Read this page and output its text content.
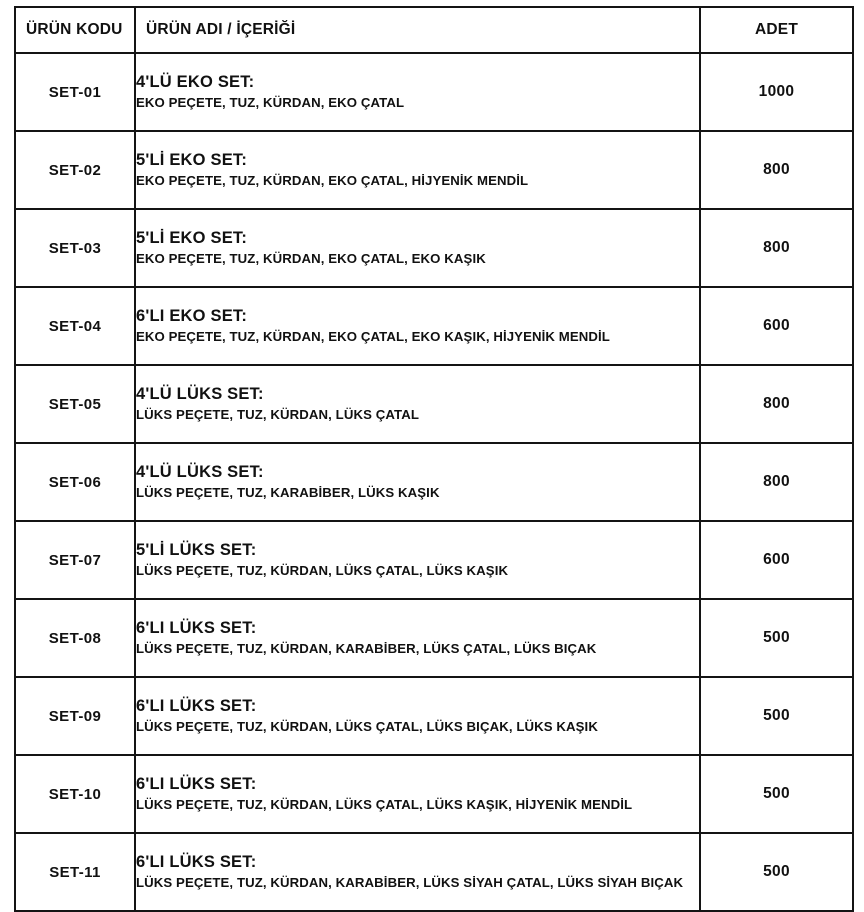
ÜRÜN KODU	ÜRÜN ADI / İÇERİĞİ	ADET

SET-01	4'LÜ EKO SET:
EKO PEÇETE, TUZ, KÜRDAN, EKO ÇATAL	1000

SET-02	5'Lİ EKO SET:
EKO PEÇETE, TUZ, KÜRDAN, EKO ÇATAL, HİJYENİK MENDİL	800

SET-03	5'Lİ EKO SET:
EKO PEÇETE, TUZ, KÜRDAN, EKO ÇATAL, EKO KAŞIK	800

SET-04	6'LI EKO SET:
EKO PEÇETE, TUZ, KÜRDAN, EKO ÇATAL, EKO KAŞIK, HİJYENİK MENDİL	600

SET-05	4'LÜ LÜKS SET:
LÜKS PEÇETE, TUZ, KÜRDAN, LÜKS ÇATAL	800

SET-06	4'LÜ LÜKS SET:
LÜKS PEÇETE, TUZ, KARABİBER, LÜKS KAŞIK	800

SET-07	5'Lİ LÜKS SET:
LÜKS PEÇETE, TUZ, KÜRDAN, LÜKS ÇATAL, LÜKS KAŞIK	600

SET-08	6'LI LÜKS SET:
LÜKS PEÇETE, TUZ, KÜRDAN, KARABİBER, LÜKS ÇATAL, LÜKS BIÇAK	500

SET-09	6'LI LÜKS SET:
LÜKS PEÇETE, TUZ, KÜRDAN, LÜKS ÇATAL, LÜKS BIÇAK, LÜKS KAŞIK	500

SET-10	6'LI LÜKS SET:
LÜKS PEÇETE, TUZ, KÜRDAN, LÜKS ÇATAL, LÜKS KAŞIK, HİJYENİK MENDİL	500

SET-11	6'LI LÜKS SET:
LÜKS PEÇETE, TUZ, KÜRDAN, KARABİBER, LÜKS SİYAH ÇATAL, LÜKS SİYAH BIÇAK	500
